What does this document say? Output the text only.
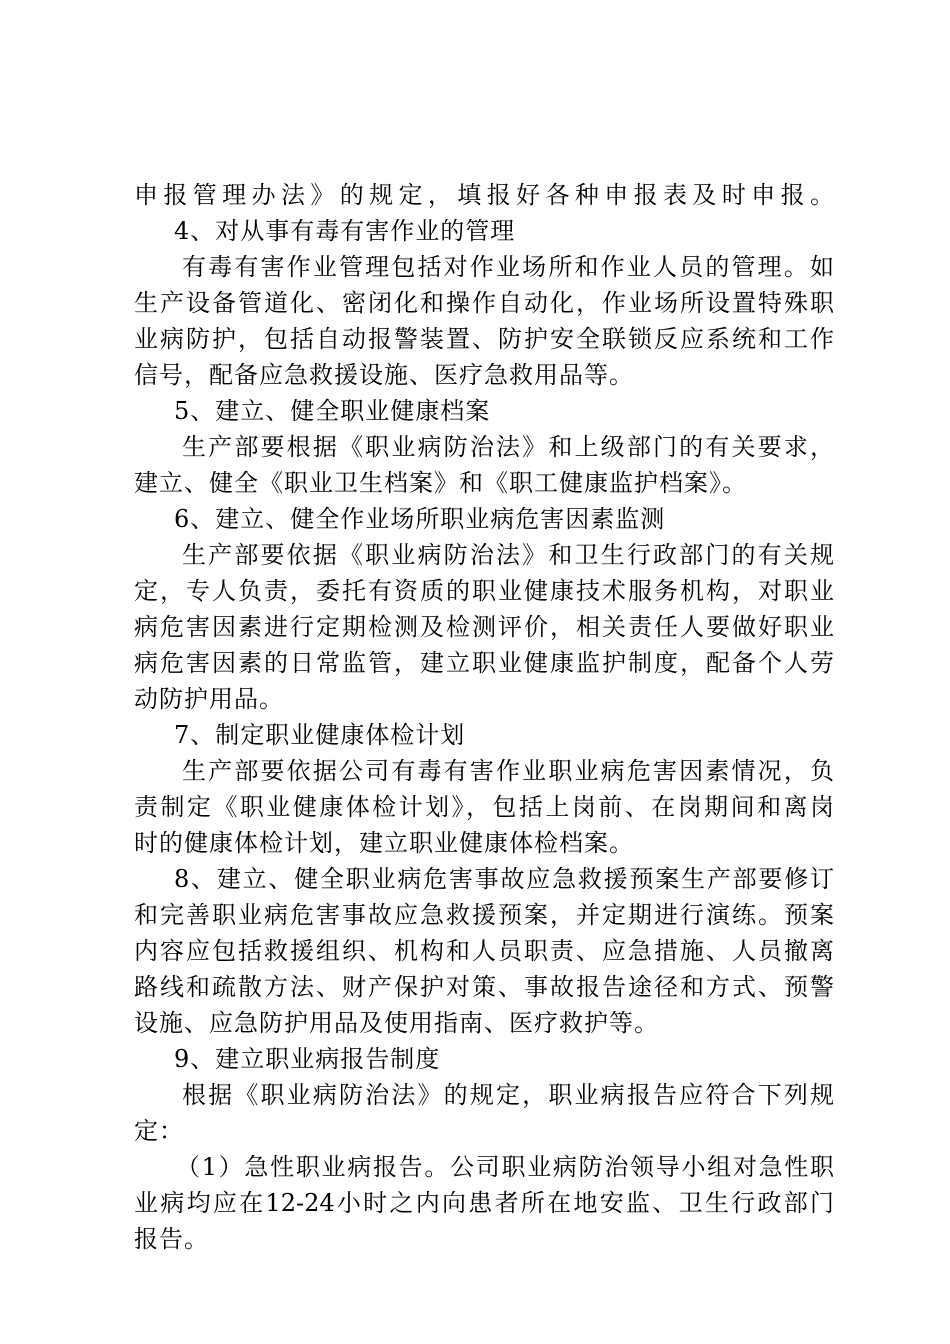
申报管理办法》的规定，填报好各种申报表及时申报。
4、对从事有毒有害作业的管理
有毒有害作业管理包括对作业场所和作业人员的管理。如
生产设备管道化、密闭化和操作自动化，作业场所设置特殊职
业病防护，包括自动报警装置、防护安全联锁反应系统和工作
信号，配备应急救援设施、医疗急救用品等。
5、建立、健全职业健康档案
生产部要根据《职业病防治法》和上级部门的有关要求，
建立、健全《职业卫生档案》和《职工健康监护档案》。
6、建立、健全作业场所职业病危害因素监测
生产部要依据《职业病防治法》和卫生行政部门的有关规
定，专人负责，委托有资质的职业健康技术服务机构，对职业
病危害因素进行定期检测及检测评价，相关责任人要做好职业
病危害因素的日常监管，建立职业健康监护制度，配备个人劳
动防护用品。
7、制定职业健康体检计划
生产部要依据公司有毒有害作业职业病危害因素情况，负
责制定《职业健康体检计划》，包括上岗前、在岗期间和离岗
时的健康体检计划，建立职业健康体检档案。
8、建立、健全职业病危害事故应急救援预案生产部要修订
和完善职业病危害事故应急救援预案，并定期进行演练。预案
内容应包括救援组织、机构和人员职责、应急措施、人员撤离
路线和疏散方法、财产保护对策、事故报告途径和方式、预警
设施、应急防护用品及使用指南、医疗救护等。
9、建立职业病报告制度
根据《职业病防治法》的规定，职业病报告应符合下列规
定：
（1）急性职业病报告。公司职业病防治领导小组对急性职
业病均应在12-24小时之内向患者所在地安监、卫生行政部门
报告。
